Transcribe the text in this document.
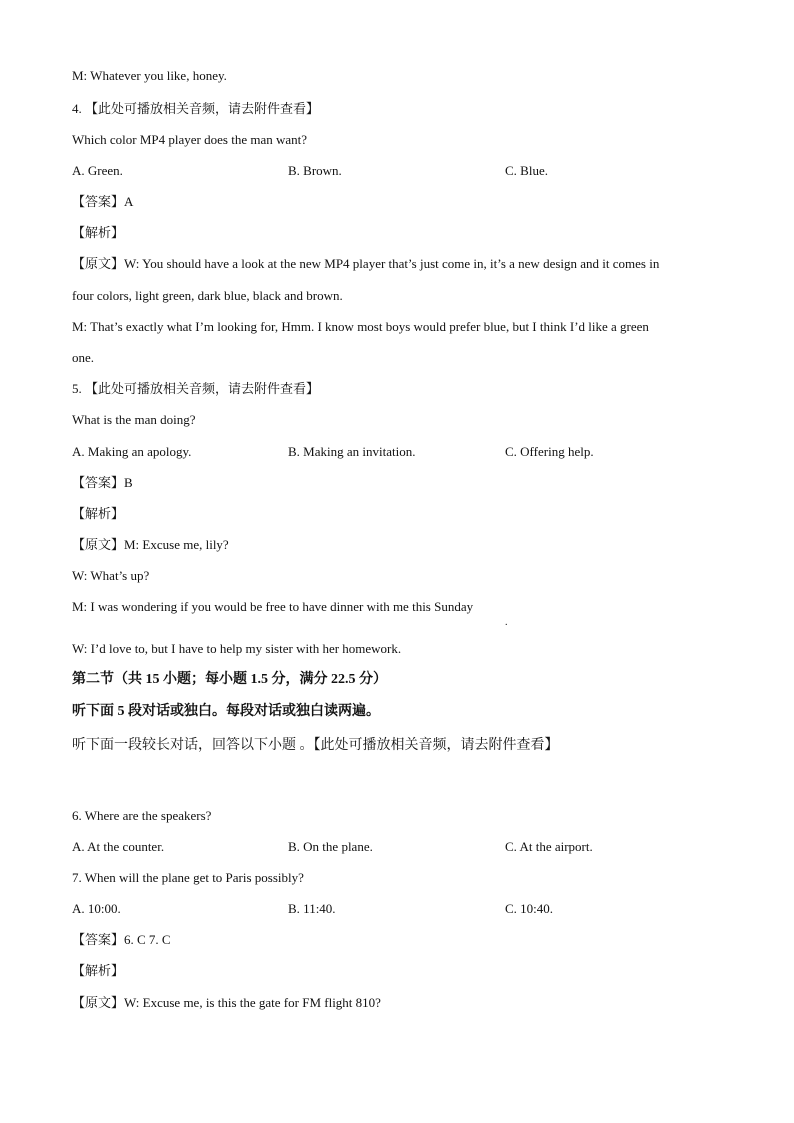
M: Whatever you like, honey.
4. 【此处可播放相关音频，请去附件查看】
Which color MP4 player does the man want?
A. Green.	B. Brown.	C. Blue.
【答案】A
【解析】
【原文】W: You should have a look at the new MP4 player that’s just come in, it’s a new design and it comes in
four colors, light green, dark blue, black and brown.
M: That’s exactly what I’m looking for, Hmm. I know most boys would prefer blue, but I think I’d like a green
one.
5. 【此处可播放相关音频，请去附件查看】
What is the man doing?
A. Making an apology.	B. Making an invitation.	C. Offering help.
【答案】B
【解析】
【原文】M: Excuse me, lily?
W: What’s up?
M: I was wondering if you would be free to have dinner with me this Sunday
.
W: I’d love to, but I have to help my sister with her homework.
第二节（共 15 小题；每小题 1.5 分，满分 22.5 分）
听下面 5 段对话或独白。每段对话或独白读两遍。
听下面一段较长对话，回答以下小题 。【此处可播放相关音频，请去附件查看】
6. Where are the speakers?
A. At the counter.	B. On the plane.	C. At the airport.
7. When will the plane get to Paris possibly?
A. 10:00.	B. 11:40.	C. 10:40.
【答案】6. C 7. C
【解析】
【原文】W: Excuse me, is this the gate for FM flight 810?
